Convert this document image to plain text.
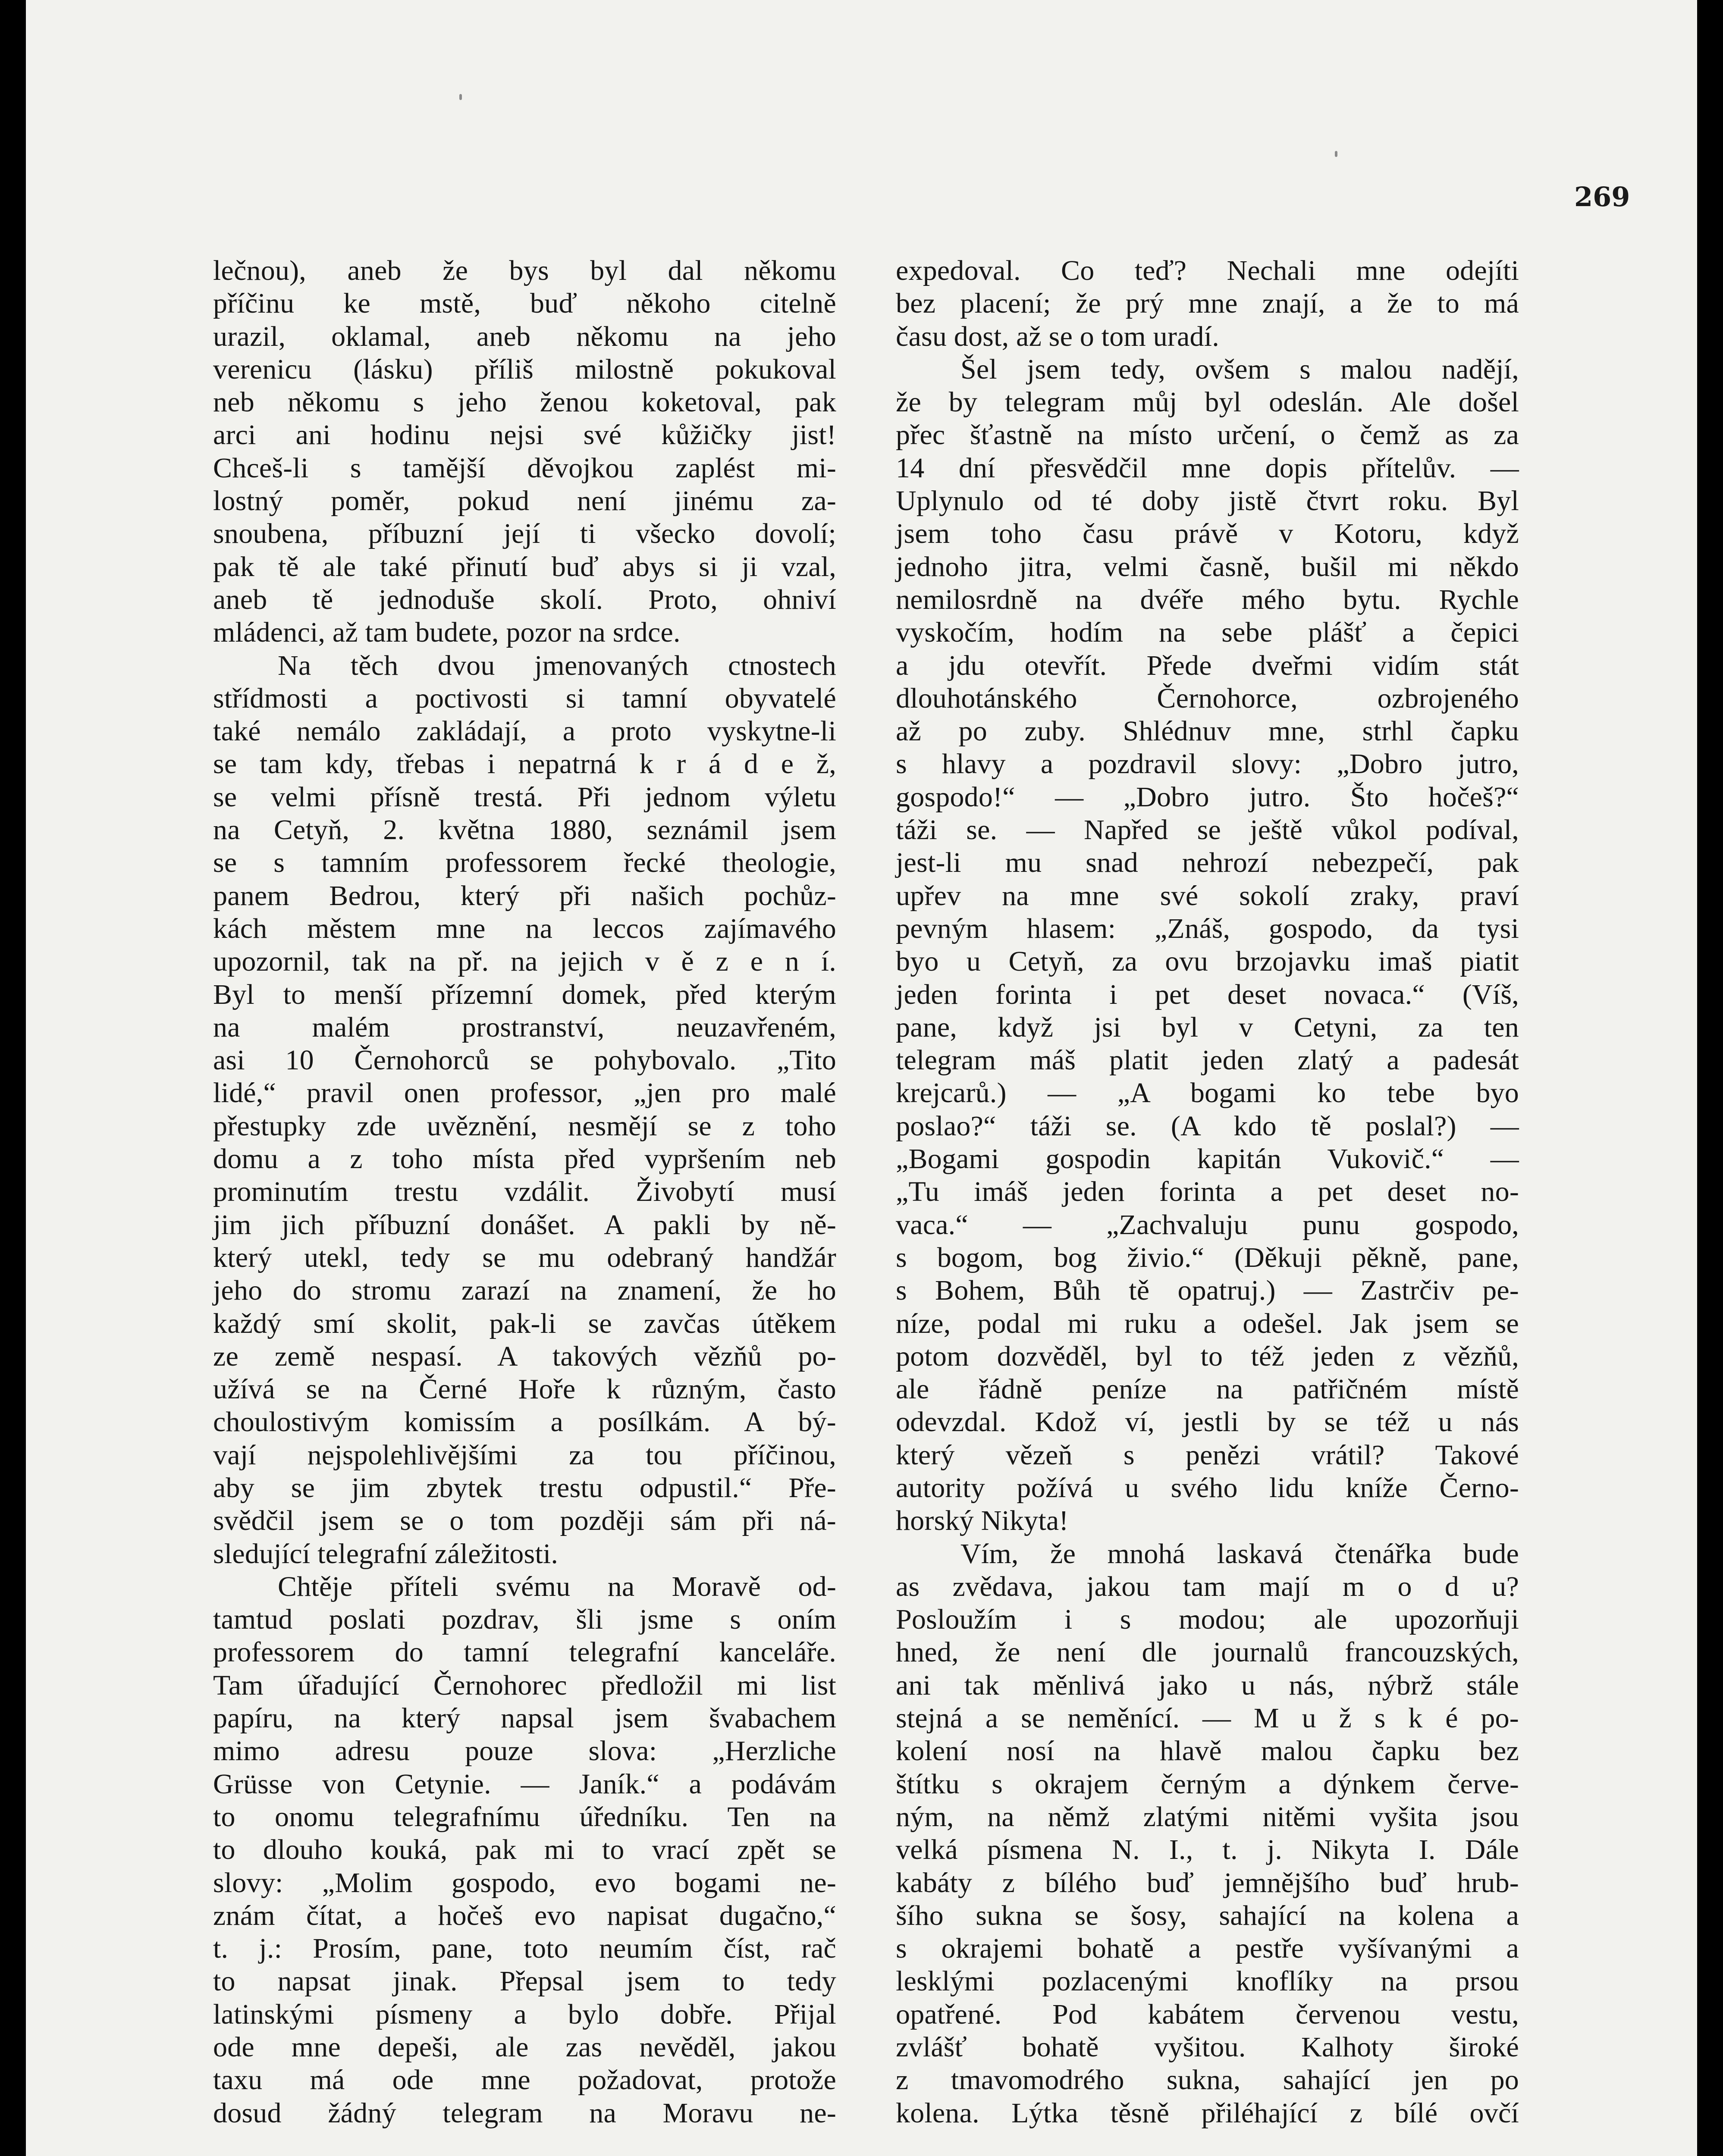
269
lečnou), aneb že bys byl dal někomu
příčinu ke mstě, buď někoho citelně
urazil, oklamal, aneb někomu na jeho
verenicu (lásku) příliš milostně pokukoval
neb někomu s jeho ženou koketoval, pak
arci ani hodinu nejsi své kůžičky jist!
Chceš-li s tamější děvojkou zaplést mi-
lostný poměr, pokud není jinému za-
snoubena, příbuzní její ti všecko dovolí;
pak tě ale také přinutí buď abys si ji vzal,
aneb tě jednoduše skolí. Proto, ohniví
mládenci, až tam budete, pozor na srdce.
Na těch dvou jmenovaných ctnostech
střídmosti a poctivosti si tamní obyvatelé
také nemálo zakládají, a proto vyskytne-li
se tam kdy, třebas i nepatrná k r á d e ž,
se velmi přísně trestá. Při jednom výletu
na Cetyň, 2. května 1880, seznámil jsem
se s tamním professorem řecké theologie,
panem Bedrou, který při našich pochůz-
kách městem mne na leccos zajímavého
upozornil, tak na př. na jejich v ě z e n í.
Byl to menší přízemní domek, před kterým
na malém prostranství, neuzavřeném,
asi 10 Černohorců se pohybovalo. „Tito
lidé,“ pravil onen professor, „jen pro malé
přestupky zde uvěznění, nesmějí se z toho
domu a z toho místa před vypršením neb
prominutím trestu vzdálit. Živobytí musí
jim jich příbuzní donášet. A pakli by ně-
který utekl, tedy se mu odebraný handžár
jeho do stromu zarazí na znamení, že ho
každý smí skolit, pak-li se zavčas útěkem
ze země nespasí. A takových vězňů po-
užívá se na Černé Hoře k různým, často
choulostivým komissím a posílkám. A bý-
vají nejspolehlivějšími za tou příčinou,
aby se jim zbytek trestu odpustil.“ Pře-
svědčil jsem se o tom později sám při ná-
sledující telegrafní záležitosti.
Chtěje příteli svému na Moravě od-
tamtud poslati pozdrav, šli jsme s oním
professorem do tamní telegrafní kanceláře.
Tam úřadující Černohorec předložil mi list
papíru, na který napsal jsem švabachem
mimo adresu pouze slova: „Herzliche
Grüsse von Cetynie. — Janík.“ a podávám
to onomu telegrafnímu úředníku. Ten na
to dlouho kouká, pak mi to vrací zpět se
slovy: „Molim gospodo, evo bogami ne-
znám čítat, a hočeš evo napisat dugačno,“
t. j.: Prosím, pane, toto neumím číst, rač
to napsat jinak. Přepsal jsem to tedy
latinskými písmeny a bylo dobře. Přijal
ode mne depeši, ale zas nevěděl, jakou
taxu má ode mne požadovat, protože
dosud žádný telegram na Moravu ne-
expedoval. Co teď? Nechali mne odejíti
bez placení; že prý mne znají, a že to má
času dost, až se o tom uradí.
Šel jsem tedy, ovšem s malou nadějí,
že by telegram můj byl odeslán. Ale došel
přec šťastně na místo určení, o čemž as za
14 dní přesvědčil mne dopis přítelův. —
Uplynulo od té doby jistě čtvrt roku. Byl
jsem toho času právě v Kotoru, když
jednoho jitra, velmi časně, bušil mi někdo
nemilosrdně na dvéře mého bytu. Rychle
vyskočím, hodím na sebe plášť a čepici
a jdu otevřít. Přede dveřmi vidím stát
dlouhotánského Černohorce, ozbrojeného
až po zuby. Shlédnuv mne, strhl čapku
s hlavy a pozdravil slovy: „Dobro jutro,
gospodo!“ — „Dobro jutro. Što hočeš?“
táži se. — Napřed se ještě vůkol podíval,
jest-li mu snad nehrozí nebezpečí, pak
upřev na mne své sokolí zraky, praví
pevným hlasem: „Znáš, gospodo, da tysi
byo u Cetyň, za ovu brzojavku imaš piatit
jeden forinta i pet deset novaca.“ (Víš,
pane, když jsi byl v Cetyni, za ten
telegram máš platit jeden zlatý a padesát
krejcarů.) — „A bogami ko tebe byo
poslao?“ táži se. (A kdo tě poslal?) —
„Bogami gospodin kapitán Vukovič.“ —
„Tu imáš jeden forinta a pet deset no-
vaca.“ — „Zachvaluju punu gospodo,
s bogom, bog živio.“ (Děkuji pěkně, pane,
s Bohem, Bůh tě opatruj.) — Zastrčiv pe-
níze, podal mi ruku a odešel. Jak jsem se
potom dozvěděl, byl to též jeden z vězňů,
ale řádně peníze na patřičném místě
odevzdal. Kdož ví, jestli by se též u nás
který vězeň s penězi vrátil? Takové
autority požívá u svého lidu kníže Černo-
horský Nikyta!
Vím, že mnohá laskavá čtenářka bude
as zvědava, jakou tam mají m o d u?
Posloužím i s modou; ale upozorňuji
hned, že není dle journalů francouzských,
ani tak měnlivá jako u nás, nýbrž stále
stejná a se neměnící. — M u ž s k é po-
kolení nosí na hlavě malou čapku bez
štítku s okrajem černým a dýnkem červe-
ným, na němž zlatými nitěmi vyšita jsou
velká písmena N. I., t. j. Nikyta I. Dále
kabáty z bílého buď jemnějšího buď hrub-
šího sukna se šosy, sahající na kolena a
s okrajemi bohatě a pestře vyšívanými a
lesklými pozlacenými knoflíky na prsou
opatřené. Pod kabátem červenou vestu,
zvlášť bohatě vyšitou. Kalhoty široké
z tmavomodrého sukna, sahající jen po
kolena. Lýtka těsně přiléhající z bílé ovčí
